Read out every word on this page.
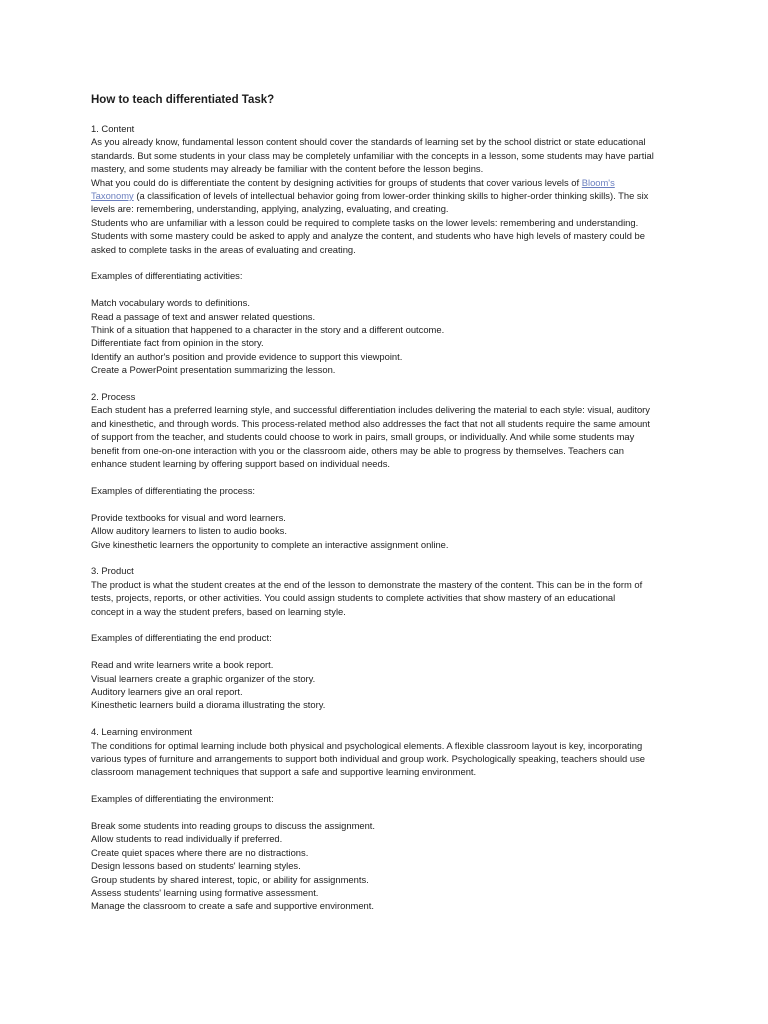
How to teach differentiated Task?
1. Content
As you already know, fundamental lesson content should cover the standards of learning set by the school district or state educational
standards. But some students in your class may be completely unfamiliar with the concepts in a lesson, some students may have partial
mastery, and some students may already be familiar with the content before the lesson begins.
What you could do is differentiate the content by designing activities for groups of students that cover various levels of Bloom's
Taxonomy (a classification of levels of intellectual behavior going from lower-order thinking skills to higher-order thinking skills). The six
levels are: remembering, understanding, applying, analyzing, evaluating, and creating.
Students who are unfamiliar with a lesson could be required to complete tasks on the lower levels: remembering and understanding.
Students with some mastery could be asked to apply and analyze the content, and students who have high levels of mastery could be
asked to complete tasks in the areas of evaluating and creating.
Examples of differentiating activities:
Match vocabulary words to definitions.
Read a passage of text and answer related questions.
Think of a situation that happened to a character in the story and a different outcome.
Differentiate fact from opinion in the story.
Identify an author's position and provide evidence to support this viewpoint.
Create a PowerPoint presentation summarizing the lesson.
2. Process
Each student has a preferred learning style, and successful differentiation includes delivering the material to each style: visual, auditory
and kinesthetic, and through words. This process-related method also addresses the fact that not all students require the same amount
of support from the teacher, and students could choose to work in pairs, small groups, or individually. And while some students may
benefit from one-on-one interaction with you or the classroom aide, others may be able to progress by themselves. Teachers can
enhance student learning by offering support based on individual needs.
Examples of differentiating the process:
Provide textbooks for visual and word learners.
Allow auditory learners to listen to audio books.
Give kinesthetic learners the opportunity to complete an interactive assignment online.
3. Product
The product is what the student creates at the end of the lesson to demonstrate the mastery of the content. This can be in the form of
tests, projects, reports, or other activities. You could assign students to complete activities that show mastery of an educational
concept in a way the student prefers, based on learning style.
Examples of differentiating the end product:
Read and write learners write a book report.
Visual learners create a graphic organizer of the story.
Auditory learners give an oral report.
Kinesthetic learners build a diorama illustrating the story.
4. Learning environment
The conditions for optimal learning include both physical and psychological elements. A flexible classroom layout is key, incorporating
various types of furniture and arrangements to support both individual and group work. Psychologically speaking, teachers should use
classroom management techniques that support a safe and supportive learning environment.
Examples of differentiating the environment:
Break some students into reading groups to discuss the assignment.
Allow students to read individually if preferred.
Create quiet spaces where there are no distractions.
Design lessons based on students' learning styles.
Group students by shared interest, topic, or ability for assignments.
Assess students' learning using formative assessment.
Manage the classroom to create a safe and supportive environment.
